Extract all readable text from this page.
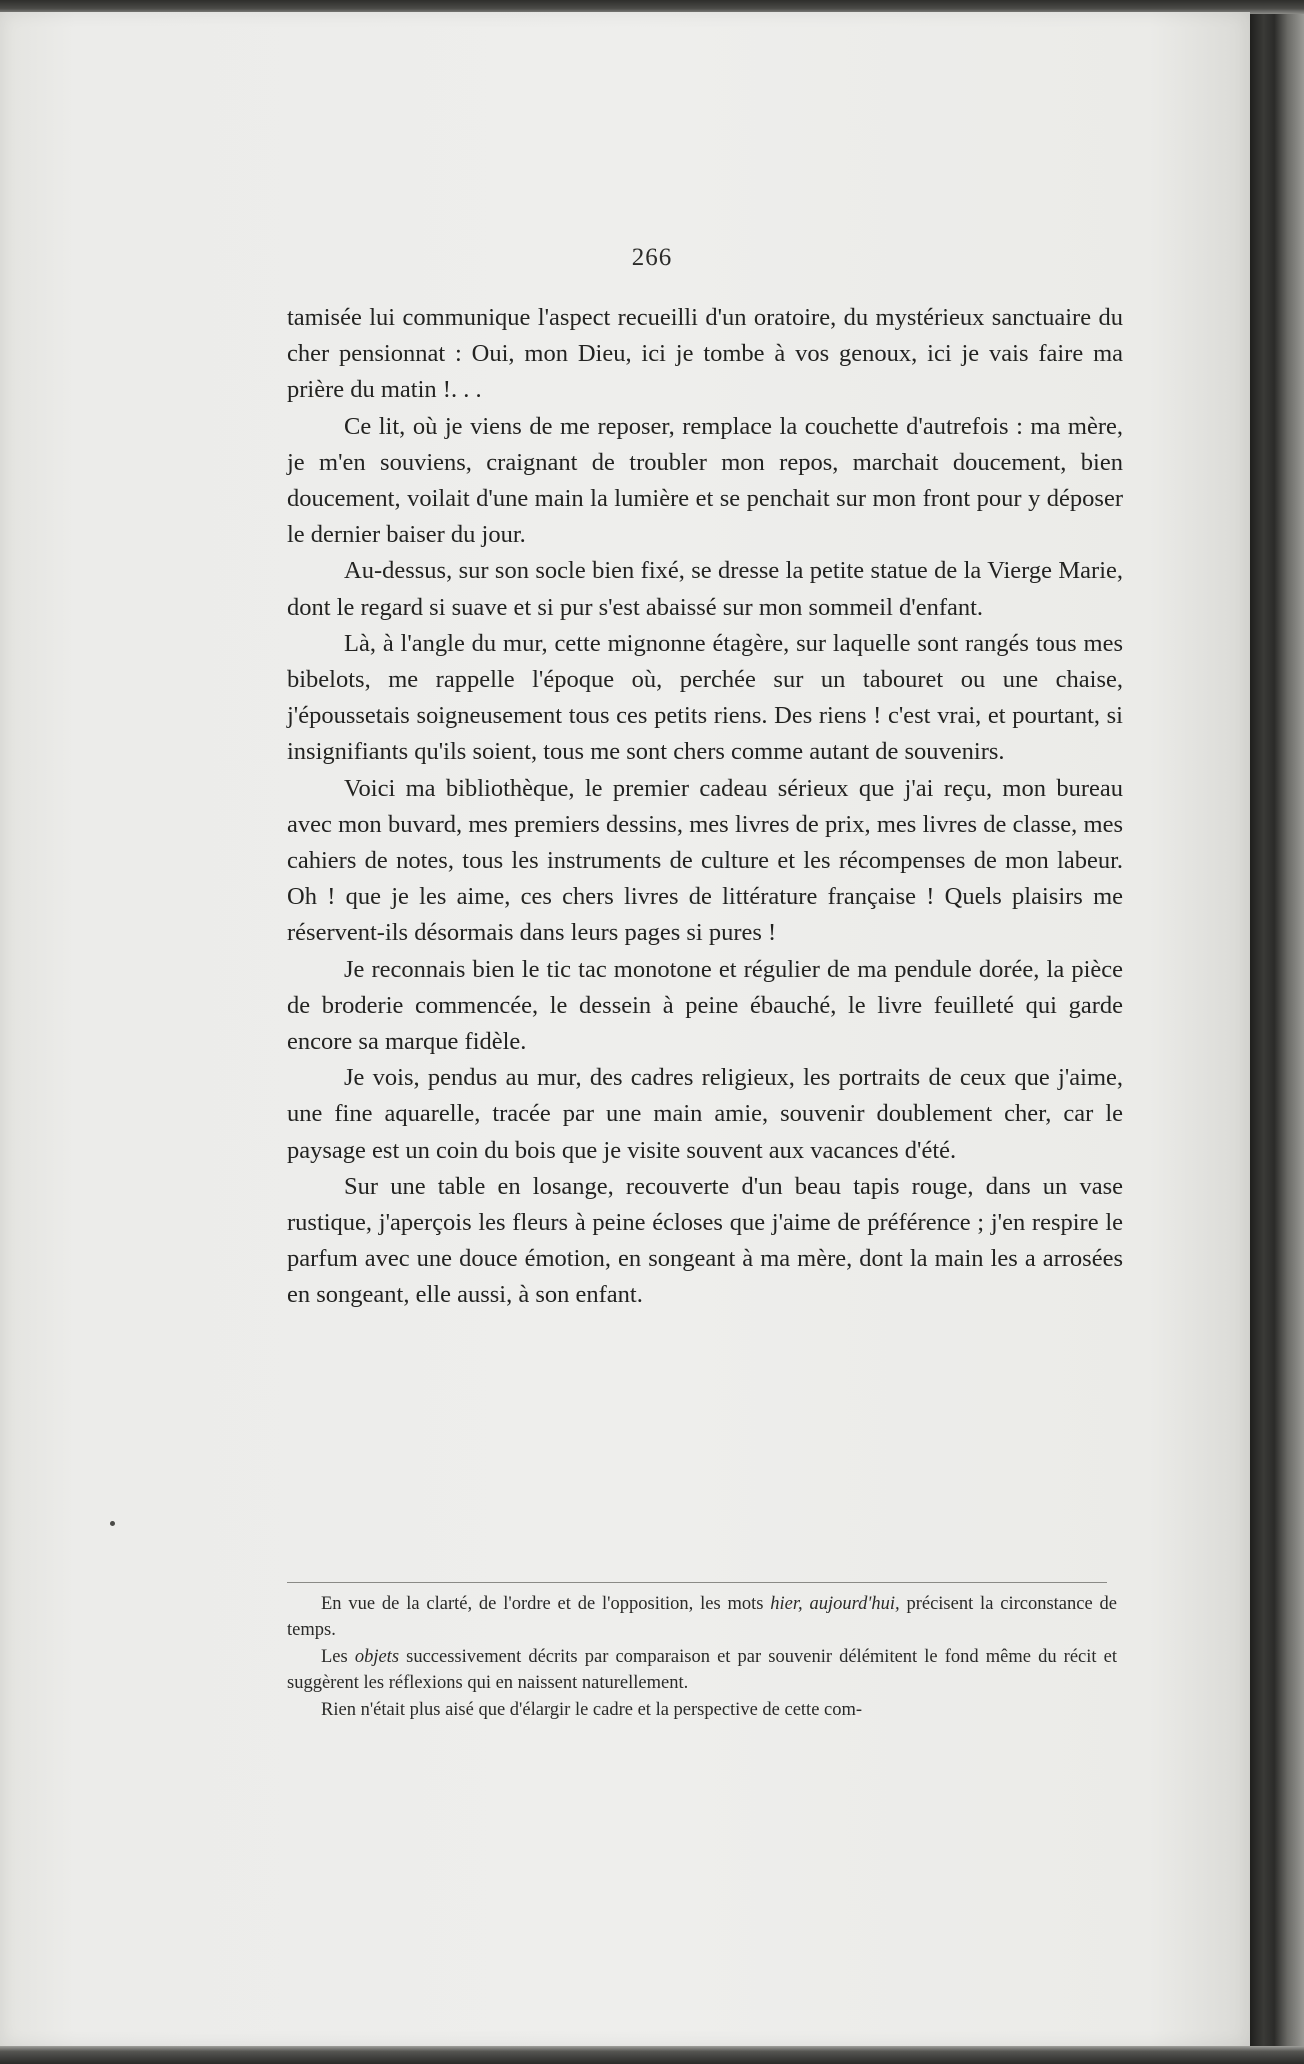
266

tamisée lui communique l'aspect recueilli d'un oratoire, du mystérieux sanctuaire du cher pensionnat : Oui, mon Dieu, ici je tombe à vos genoux, ici je vais faire ma prière du matin !. . .

Ce lit, où je viens de me reposer, remplace la couchette d'autrefois : ma mère, je m'en souviens, craignant de troubler mon repos, marchait doucement, bien doucement, voilait d'une main la lumière et se penchait sur mon front pour y déposer le dernier baiser du jour.

Au-dessus, sur son socle bien fixé, se dresse la petite statue de la Vierge Marie, dont le regard si suave et si pur s'est abaissé sur mon sommeil d'enfant.

Là, à l'angle du mur, cette mignonne étagère, sur laquelle sont rangés tous mes bibelots, me rappelle l'époque où, perchée sur un tabouret ou une chaise, j'époussetais soigneusement tous ces petits riens. Des riens ! c'est vrai, et pourtant, si insignifiants qu'ils soient, tous me sont chers comme autant de souvenirs.

Voici ma bibliothèque, le premier cadeau sérieux que j'ai reçu, mon bureau avec mon buvard, mes premiers dessins, mes livres de prix, mes livres de classe, mes cahiers de notes, tous les instruments de culture et les récompenses de mon labeur. Oh ! que je les aime, ces chers livres de littérature française ! Quels plaisirs me réservent-ils désormais dans leurs pages si pures !

Je reconnais bien le tic tac monotone et régulier de ma pendule dorée, la pièce de broderie commencée, le dessein à peine ébauché, le livre feuilleté qui garde encore sa marque fidèle.

Je vois, pendus au mur, des cadres religieux, les portraits de ceux que j'aime, une fine aquarelle, tracée par une main amie, souvenir doublement cher, car le paysage est un coin du bois que je visite souvent aux vacances d'été.

Sur une table en losange, recouverte d'un beau tapis rouge, dans un vase rustique, j'aperçois les fleurs à peine écloses que j'aime de préférence ; j'en respire le parfum avec une douce émotion, en songeant à ma mère, dont la main les a arrosées en songeant, elle aussi, à son enfant.

En vue de la clarté, de l'ordre et de l'opposition, les mots hier, aujourd'hui, précisent la circonstance de temps.

Les objets successivement décrits par comparaison et par souvenir délémitent le fond même du récit et suggèrent les réflexions qui en naissent naturellement.

Rien n'était plus aisé que d'élargir le cadre et la perspective de cette com-
